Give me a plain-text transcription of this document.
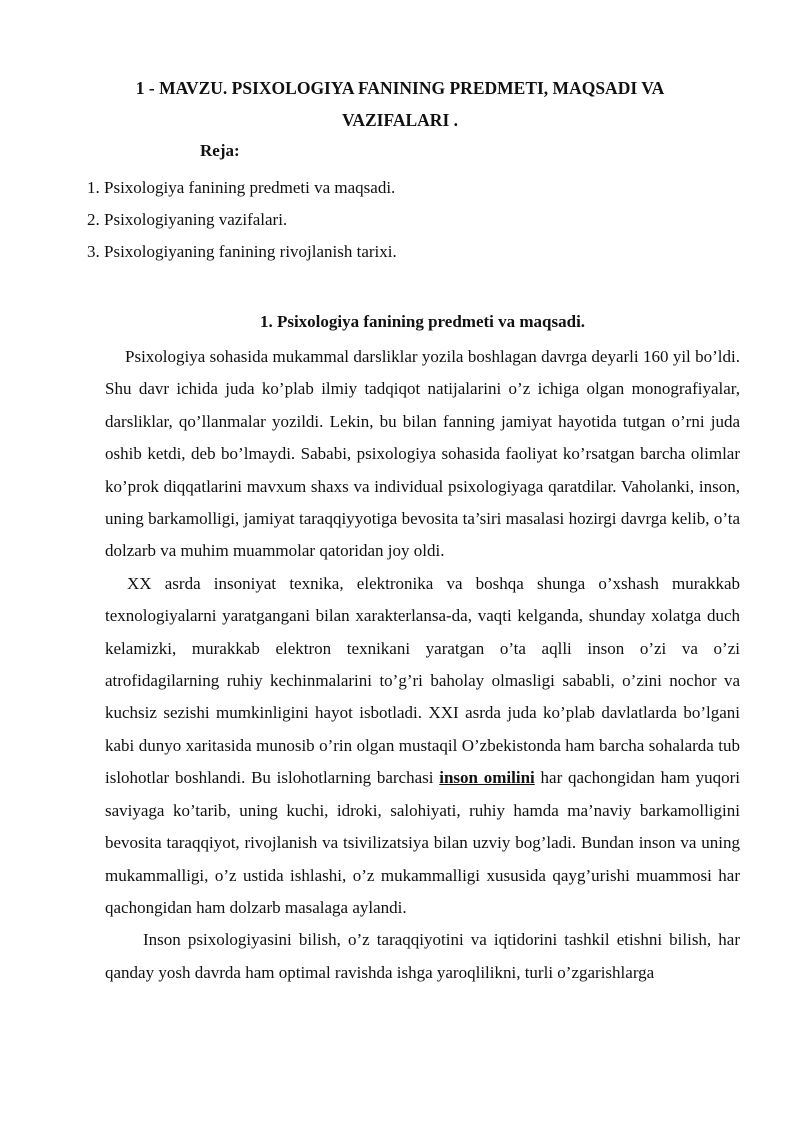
1 - MAVZU. PSIXOLOGIYA FANINING PREDMETI, MAQSADI VA VAZIFALARI .
Reja:
1. Psixologiya fanining predmeti va maqsadi.
2. Psixologiyaning vazifalari.
3. Psixologiyaning fanining rivojlanish tarixi.
1. Psixologiya fanining predmeti va maqsadi.

Psixologiya sohasida mukammal darsliklar yozila boshlagan davrga deyarli 160 yil bo’ldi. Shu davr ichida juda ko’plab ilmiy tadqiqot natijalarini o’z ichiga olgan monografiyalar, darsliklar, qo’llanmalar yozildi. Lekin, bu bilan fanning jamiyat hayotida tutgan o’rni juda oshib ketdi, deb bo’lmaydi. Sababi, psixologiya sohasida faoliyat ko’rsatgan barcha olimlar ko’prok diqqatlarini mavxum shaxs va individual psixologiyaga qaratdilar. Vaholanki, inson, uning barkamolligi, jamiyat taraqqiyyotiga bevosita ta’siri masalasi hozirgi davrga kelib, o’ta dolzarb va muhim muammolar qatoridan joy oldi.

XX asrda insoniyat texnika, elektronika va boshqa shunga o’xshash murakkab texnologiyalarni yaratgangani bilan xarakterlansa-da, vaqti kelganda, shunday xolatga duch kelamizki, murakkab elektron texnikani yaratgan o’ta aqlli inson o’zi va o’zi atrofidagilarning ruhiy kechinmalarini to’g’ri baholay olmasligi sababli, o’zini nochor va kuchsiz sezishi mumkinligini hayot isbotladi. XXI asrda juda ko’plab davlatlarda bo’lgani kabi dunyo xaritasida munosib o’rin olgan mustaqil O’zbekistonda ham barcha sohalarda tub islohotlar boshlandi. Bu islohotlarning barchasi inson omilini har qachongidan ham yuqori saviyaga ko’tarib, uning kuchi, idroki, salohiyati, ruhiy hamda ma’naviy barkamolligini bevosita taraqqiyot, rivojlanish va tsivilizatsiya bilan uzviy bog’ladi. Bundan inson va uning mukammalligi, o’z ustida ishlashi, o’z mukammalligi xususida qayg’urishi muammosi har qachongidan ham dolzarb masalaga aylandi.

Inson psixologiyasini bilish, o’z taraqqiyotini va iqtidorini tashkil etishni bilish, har qanday yosh davrda ham optimal ravishda ishga yaroqlilikni, turli o’zgarishlarga
